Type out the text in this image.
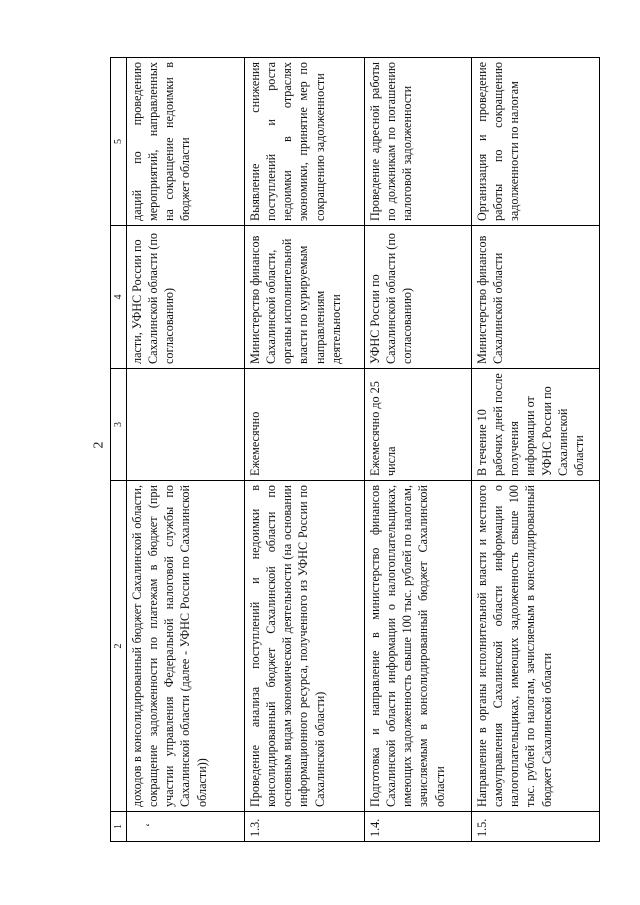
2
1	2	3	4	5
‘	доходов в консолидированный бюджет Сахалинской области, сокращение задолженности по платежам в бюджет (при участии управления Федеральной налоговой службы по Сахалинской области (далее - УФНС России по Сахалинской области))		ласти, УФНС России по Сахалинской области (по согласованию)	даций по проведению мероприятий, направленных на сокращение недоимки в бюджет области
1.3.	Проведение анализа поступлений и недоимки в консолидированный бюджет Сахалинской области по основным видам экономической деятельности (на основании информационного ресурса, полученного из УФНС России по Сахалинской области)	Ежемесячно	Министерство финансов Сахалинской области, органы исполнительной власти по курируемым направлениям деятельности	Выявление снижения поступлений и роста недоимки в отраслях экономики, принятие мер по сокращению задолженности
1.4.	Подготовка и направление в министерство финансов Сахалинской области информации о налогоплательщиках, имеющих задолженность свыше 100 тыс. рублей по налогам, зачисляемым в консолидированный бюджет Сахалинской области	Ежемесячно до 25 числа	УФНС России по Сахалинской области (по согласованию)	Проведение адресной работы по должникам по погашению налоговой задолженности
1.5.	Направление в органы исполнительной власти и местного самоуправления Сахалинской области информации о налогоплательщиках, имеющих задолженность свыше 100 тыс. рублей по налогам, зачисляемым в консолидированный бюджет Сахалинской области	В течение 10 рабочих дней после получения информации от УФНС России по Сахалинской области	Министерство финансов Сахалинской области	Организация и проведение работы по сокращению задолженности по налогам
